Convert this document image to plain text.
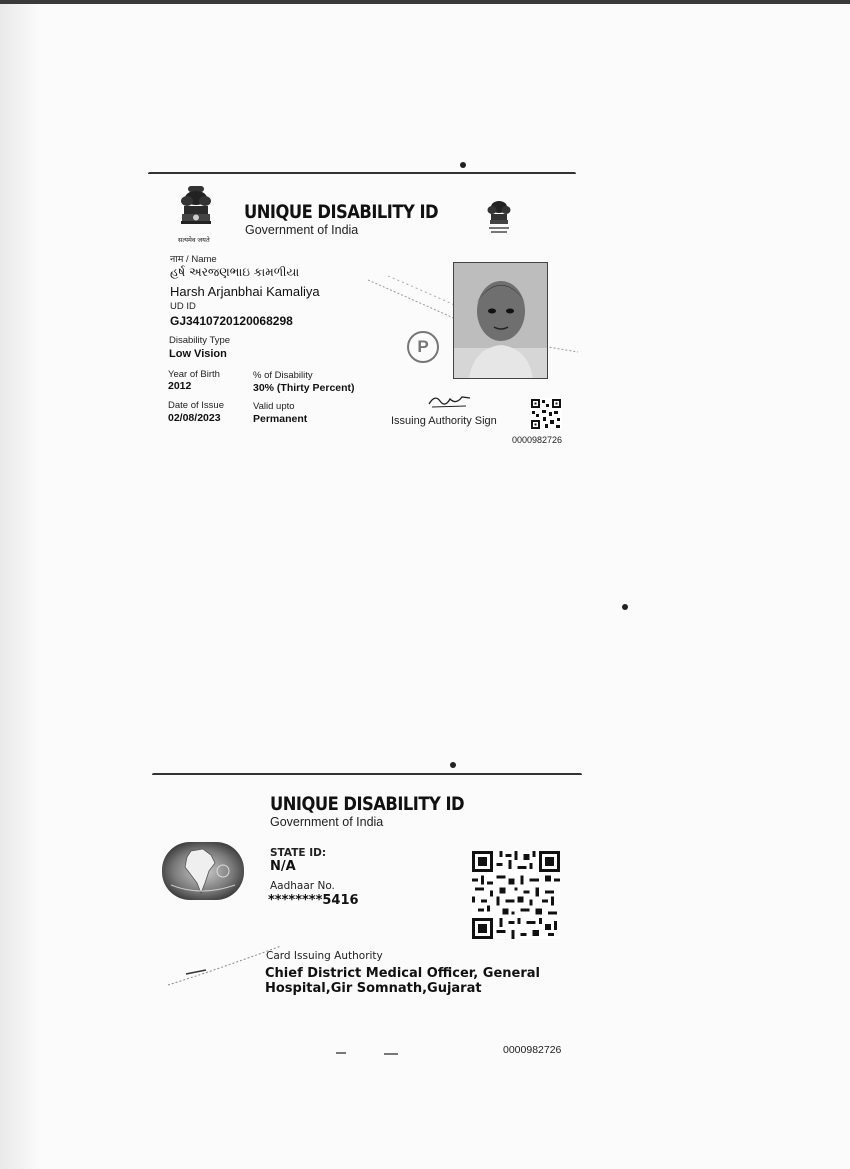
सत्यमेव जयते
UNIQUE DISABILITY ID
Government of India
नाम / Name
હર્ષ અરજણભાઇ કામળીયા
Harsh Arjanbhai Kamaliya
UD ID
GJ3410720120068298
Disability Type
Low Vision
Year of Birth
2012
% of Disability
30% (Thirty Percent)
Date of Issue
02/08/2023
Valid upto
Permanent
P
Issuing Authority Sign
0000982726
UNIQUE DISABILITY ID
Government of India
STATE ID:
N/A
Aadhaar No.
********5416
Card Issuing Authority
Chief District Medical Officer, General
Hospital,Gir Somnath,Gujarat
0000982726
